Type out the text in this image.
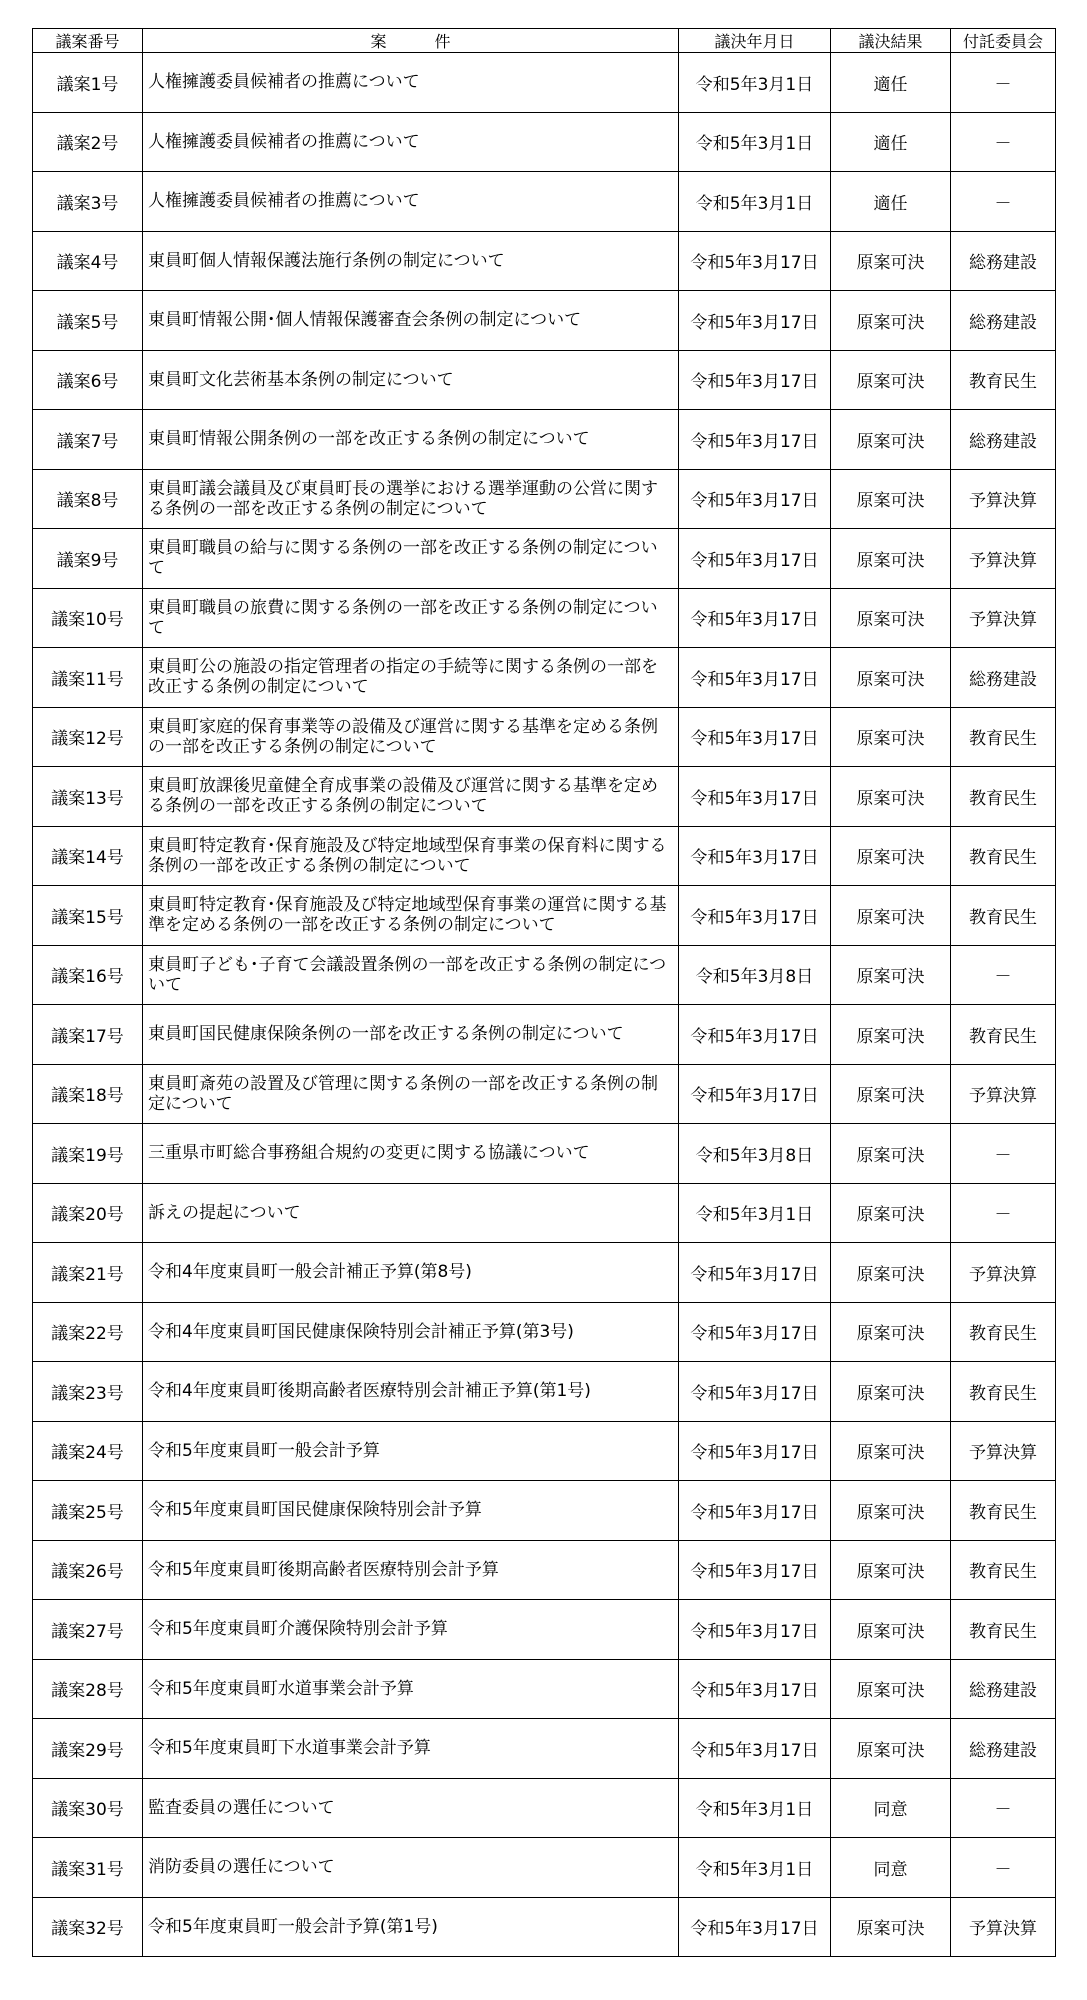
議案番号	案　　　件	議決年月日	議決結果	付託委員会
議案1号	人権擁護委員候補者の推薦について	令和5年3月1日	適任	－
議案2号	人権擁護委員候補者の推薦について	令和5年3月1日	適任	－
議案3号	人権擁護委員候補者の推薦について	令和5年3月1日	適任	－
議案4号	東員町個人情報保護法施行条例の制定について	令和5年3月17日	原案可決	総務建設
議案5号	東員町情報公開･個人情報保護審査会条例の制定について	令和5年3月17日	原案可決	総務建設
議案6号	東員町文化芸術基本条例の制定について	令和5年3月17日	原案可決	教育民生
議案7号	東員町情報公開条例の一部を改正する条例の制定について	令和5年3月17日	原案可決	総務建設
議案8号	東員町議会議員及び東員町長の選挙における選挙運動の公営に関する条例の一部を改正する条例の制定について	令和5年3月17日	原案可決	予算決算
議案9号	東員町職員の給与に関する条例の一部を改正する条例の制定について	令和5年3月17日	原案可決	予算決算
議案10号	東員町職員の旅費に関する条例の一部を改正する条例の制定について	令和5年3月17日	原案可決	予算決算
議案11号	東員町公の施設の指定管理者の指定の手続等に関する条例の一部を改正する条例の制定について	令和5年3月17日	原案可決	総務建設
議案12号	東員町家庭的保育事業等の設備及び運営に関する基準を定める条例の一部を改正する条例の制定について	令和5年3月17日	原案可決	教育民生
議案13号	東員町放課後児童健全育成事業の設備及び運営に関する基準を定める条例の一部を改正する条例の制定について	令和5年3月17日	原案可決	教育民生
議案14号	東員町特定教育･保育施設及び特定地域型保育事業の保育料に関する条例の一部を改正する条例の制定について	令和5年3月17日	原案可決	教育民生
議案15号	東員町特定教育･保育施設及び特定地域型保育事業の運営に関する基準を定める条例の一部を改正する条例の制定について	令和5年3月17日	原案可決	教育民生
議案16号	東員町子ども･子育て会議設置条例の一部を改正する条例の制定について	令和5年3月8日	原案可決	－
議案17号	東員町国民健康保険条例の一部を改正する条例の制定について	令和5年3月17日	原案可決	教育民生
議案18号	東員町斎苑の設置及び管理に関する条例の一部を改正する条例の制定について	令和5年3月17日	原案可決	予算決算
議案19号	三重県市町総合事務組合規約の変更に関する協議について	令和5年3月8日	原案可決	－
議案20号	訴えの提起について	令和5年3月1日	原案可決	－
議案21号	令和4年度東員町一般会計補正予算(第8号)	令和5年3月17日	原案可決	予算決算
議案22号	令和4年度東員町国民健康保険特別会計補正予算(第3号)	令和5年3月17日	原案可決	教育民生
議案23号	令和4年度東員町後期高齢者医療特別会計補正予算(第1号)	令和5年3月17日	原案可決	教育民生
議案24号	令和5年度東員町一般会計予算	令和5年3月17日	原案可決	予算決算
議案25号	令和5年度東員町国民健康保険特別会計予算	令和5年3月17日	原案可決	教育民生
議案26号	令和5年度東員町後期高齢者医療特別会計予算	令和5年3月17日	原案可決	教育民生
議案27号	令和5年度東員町介護保険特別会計予算	令和5年3月17日	原案可決	教育民生
議案28号	令和5年度東員町水道事業会計予算	令和5年3月17日	原案可決	総務建設
議案29号	令和5年度東員町下水道事業会計予算	令和5年3月17日	原案可決	総務建設
議案30号	監査委員の選任について	令和5年3月1日	同意	－
議案31号	消防委員の選任について	令和5年3月1日	同意	－
議案32号	令和5年度東員町一般会計予算(第1号)	令和5年3月17日	原案可決	予算決算
